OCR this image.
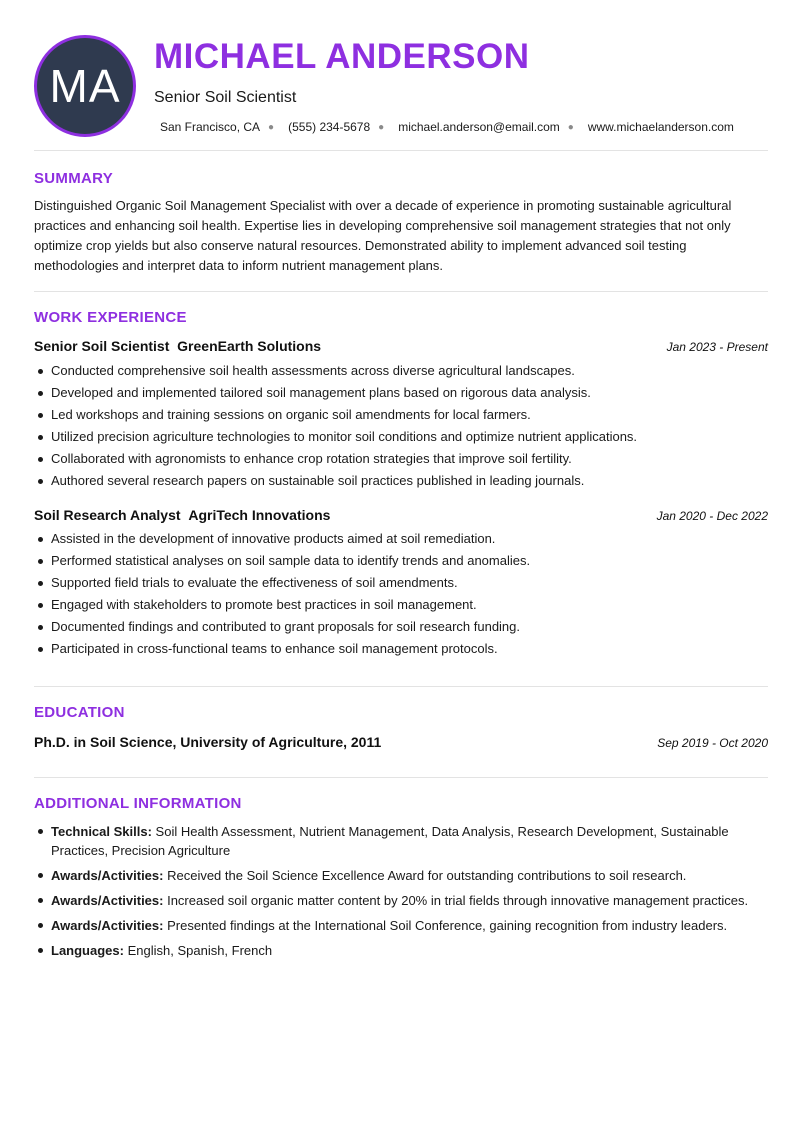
MA
MICHAEL ANDERSON
Senior Soil Scientist
San Francisco, CA ● (555) 234-5678 ● michael.anderson@email.com ● www.michaelanderson.com
SUMMARY
Distinguished Organic Soil Management Specialist with over a decade of experience in promoting sustainable agricultural practices and enhancing soil health. Expertise lies in developing comprehensive soil management strategies that not only optimize crop yields but also conserve natural resources. Demonstrated ability to implement advanced soil testing methodologies and interpret data to inform nutrient management plans.
WORK EXPERIENCE
Senior Soil Scientist GreenEarth Solutions	Jan 2023 - Present
Conducted comprehensive soil health assessments across diverse agricultural landscapes.
Developed and implemented tailored soil management plans based on rigorous data analysis.
Led workshops and training sessions on organic soil amendments for local farmers.
Utilized precision agriculture technologies to monitor soil conditions and optimize nutrient applications.
Collaborated with agronomists to enhance crop rotation strategies that improve soil fertility.
Authored several research papers on sustainable soil practices published in leading journals.
Soil Research Analyst AgriTech Innovations	Jan 2020 - Dec 2022
Assisted in the development of innovative products aimed at soil remediation.
Performed statistical analyses on soil sample data to identify trends and anomalies.
Supported field trials to evaluate the effectiveness of soil amendments.
Engaged with stakeholders to promote best practices in soil management.
Documented findings and contributed to grant proposals for soil research funding.
Participated in cross-functional teams to enhance soil management protocols.
EDUCATION
Ph.D. in Soil Science, University of Agriculture, 2011	Sep 2019 - Oct 2020
ADDITIONAL INFORMATION
Technical Skills: Soil Health Assessment, Nutrient Management, Data Analysis, Research Development, Sustainable Practices, Precision Agriculture
Awards/Activities: Received the Soil Science Excellence Award for outstanding contributions to soil research.
Awards/Activities: Increased soil organic matter content by 20% in trial fields through innovative management practices.
Awards/Activities: Presented findings at the International Soil Conference, gaining recognition from industry leaders.
Languages: English, Spanish, French
